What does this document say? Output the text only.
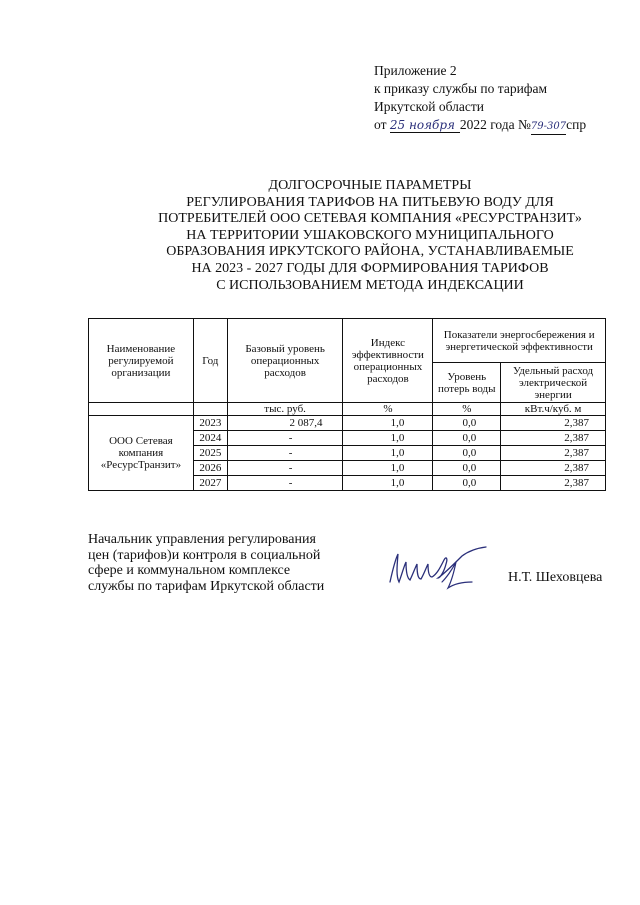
Приложение 2
к приказу службы по тарифам
Иркутской области
от 25 ноября 2022 года №79-307спр
ДОЛГОСРОЧНЫЕ ПАРАМЕТРЫ
РЕГУЛИРОВАНИЯ ТАРИФОВ НА ПИТЬЕВУЮ ВОДУ ДЛЯ
ПОТРЕБИТЕЛЕЙ ООО СЕТЕВАЯ КОМПАНИЯ «РЕСУРСТРАНЗИТ»
НА ТЕРРИТОРИИ УШАКОВСКОГО МУНИЦИПАЛЬНОГО
ОБРАЗОВАНИЯ ИРКУТСКОГО РАЙОНА, УСТАНАВЛИВАЕМЫЕ
НА 2023 - 2027 ГОДЫ ДЛЯ ФОРМИРОВАНИЯ ТАРИФОВ
С ИСПОЛЬЗОВАНИЕМ МЕТОДА ИНДЕКСАЦИИ
Наименование регулируемой организации	Год	Базовый уровень операционных расходов	Индекс эффективности операционных расходов	Показатели энергосбережения и энергетической эффективности	
				Уровень потерь воды	Удельный расход электрической энергии
		тыс. руб.	%	%	кВт.ч/куб. м
ООО Сетевая компания «РесурсТранзит»	2023	2 087,4	1,0	0,0	2,387
	2024	-	1,0	0,0	2,387
	2025	-	1,0	0,0	2,387
	2026	-	1,0	0,0	2,387
	2027	-	1,0	0,0	2,387
Начальник управления регулирования
цен (тарифов)и контроля в социальной
сфере и коммунальном комплексе
службы по тарифам Иркутской области
Н.Т. Шеховцева
